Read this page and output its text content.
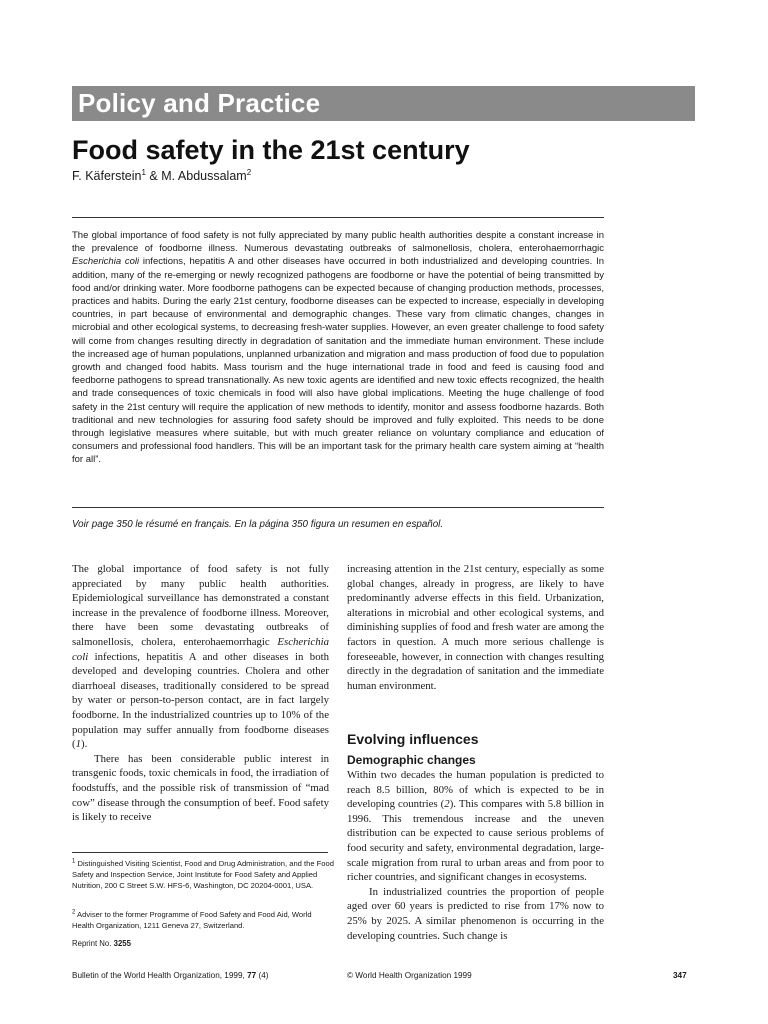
Policy and Practice
Food safety in the 21st century
F. Käferstein$^1$ & M. Abdussalam$^2$

The global importance of food safety is not fully appreciated by many public health authorities despite a constant increase in the prevalence of foodborne illness. Numerous devastating outbreaks of salmonellosis, cholera, enterohaemorrhagic Escherichia coli infections, hepatitis A and other diseases have occurred in both industrialized and developing countries. In addition, many of the re-emerging or newly recognized pathogens are foodborne or have the potential of being transmitted by food and/or drinking water. More foodborne pathogens can be expected because of changing production methods, processes, practices and habits. During the early 21st century, foodborne diseases can be expected to increase, especially in developing countries, in part because of environmental and demographic changes. These vary from climatic changes, changes in microbial and other ecological systems, to decreasing fresh-water supplies. However, an even greater challenge to food safety will come from changes resulting directly in degradation of sanitation and the immediate human environment. These include the increased age of human populations, unplanned urbanization and migration and mass production of food due to population growth and changed food habits. Mass tourism and the huge international trade in food and feed is causing food and feedborne pathogens to spread transnationally. As new toxic agents are identified and new toxic effects recognized, the health and trade consequences of toxic chemicals in food will also have global implications. Meeting the huge challenge of food safety in the 21st century will require the application of new methods to identify, monitor and assess foodborne hazards. Both traditional and new technologies for assuring food safety should be improved and fully exploited. This needs to be done through legislative measures where suitable, but with much greater reliance on voluntary compliance and education of consumers and professional food handlers. This will be an important task for the primary health care system aiming at “health for all”.

Voir page 350 le résumé en français. En la página 350 figura un resumen en español.

The global importance of food safety is not fully appreciated by many public health authorities. Epidemiological surveillance has demonstrated a constant increase in the prevalence of foodborne illness. Moreover, there have been some devastating outbreaks of salmonellosis, cholera, enterohaemorrhagic Escherichia coli infections, hepatitis A and other diseases in both developed and developing countries. Cholera and other diarrhoeal diseases, traditionally considered to be spread by water or person-to-person contact, are in fact largely foodborne. In the industrialized countries up to 10% of the population may suffer annually from foodborne diseases (1).

There has been considerable public interest in transgenic foods, toxic chemicals in food, the irradiation of foodstuffs, and the possible risk of transmission of “mad cow” disease through the consumption of beef. Food safety is likely to receive

increasing attention in the 21st century, especially as some global changes, already in progress, are likely to have predominantly adverse effects in this field. Urbanization, alterations in microbial and other ecological systems, and diminishing supplies of food and fresh water are among the factors in question. A much more serious challenge is foreseeable, however, in connection with changes resulting directly in the degradation of sanitation and the immediate human environment.

Evolving influences
Demographic changes

Within two decades the human population is predicted to reach 8.5 billion, 80% of which is expected to be in developing countries (2). This compares with 5.8 billion in 1996. This tremendous increase and the uneven distribution can be expected to cause serious problems of food security and safety, environmental degradation, large-scale migration from rural to urban areas and from poor to richer countries, and significant changes in ecosystems.

In industrialized countries the proportion of people aged over 60 years is predicted to rise from 17% now to 25% by 2025. A similar phenomenon is occurring in the developing countries. Such change is

$^1$ Distinguished Visiting Scientist, Food and Drug Administration, and the Food Safety and Inspection Service, Joint Institute for Food Safety and Applied Nutrition, 200 C Street S.W. HFS-6, Washington, DC 20204-0001, USA.

$^2$ Adviser to the former Programme of Food Safety and Food Aid, World Health Organization, 1211 Geneva 27, Switzerland.

Reprint No. 3255
Bulletin of the World Health Organization, 1999, 77 (4)	© World Health Organization 1999	347
